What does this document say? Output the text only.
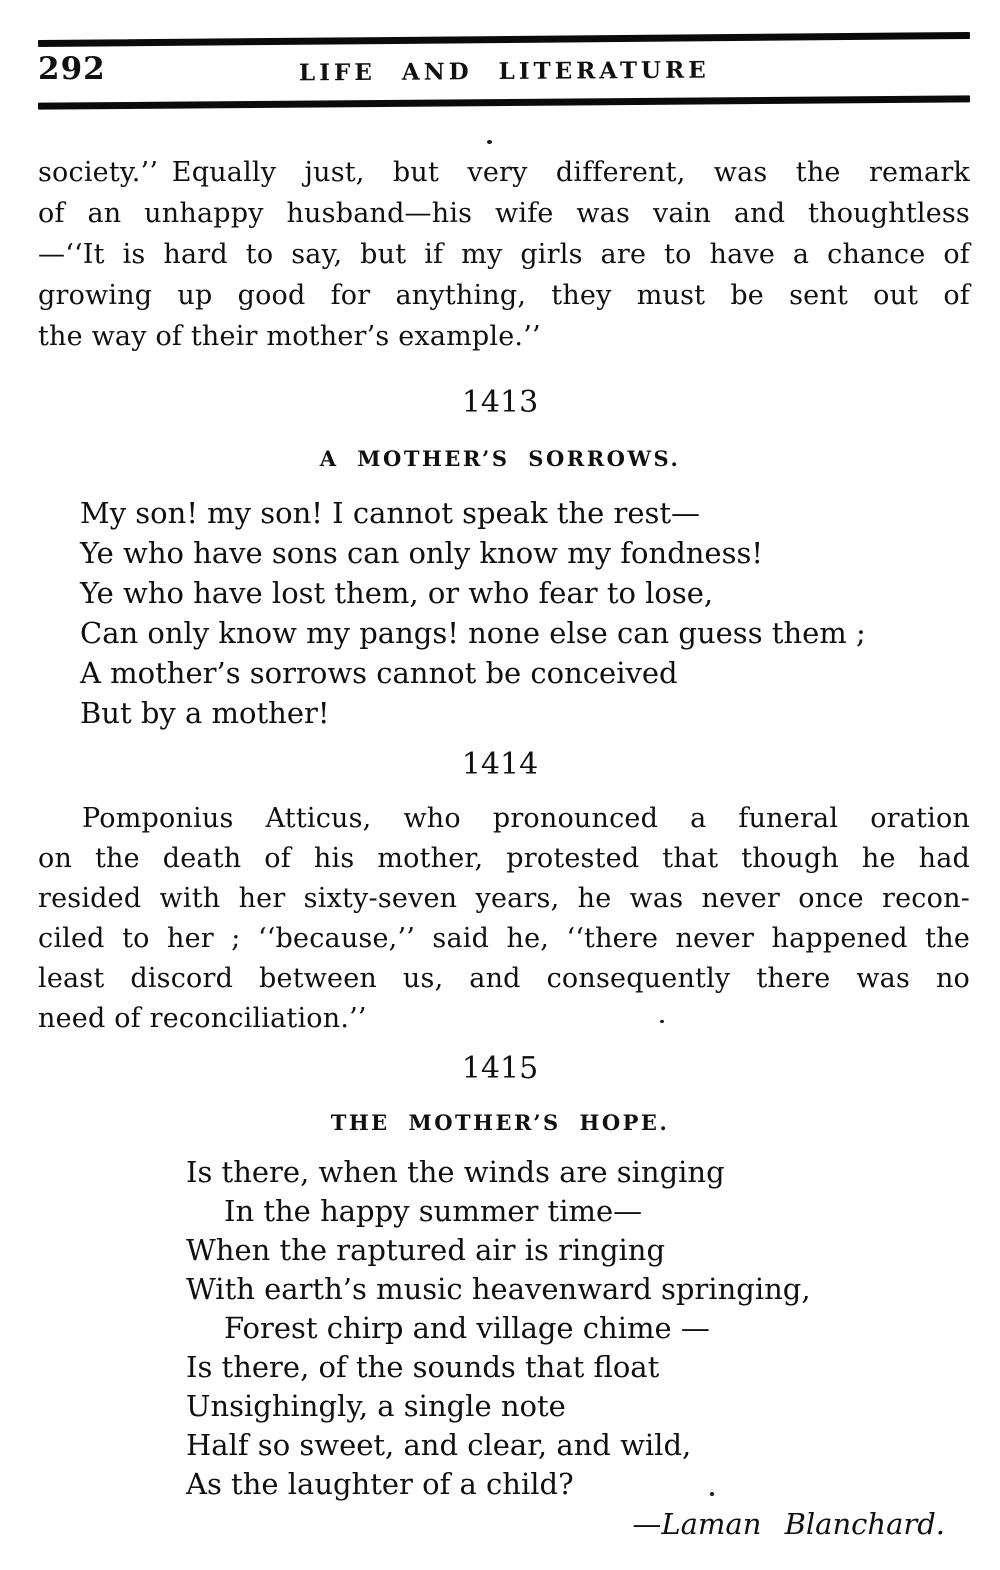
292	LIFE AND LITERATURE
society.’’ Equally just, but very different, was the remark
of an unhappy husband—his wife was vain and thoughtless
—‘‘It is hard to say, but if my girls are to have a chance of
growing up good for anything, they must be sent out of
the way of their mother’s example.’’
1413
A MOTHER’S SORROWS.
My son! my son! I cannot speak the rest—
Ye who have sons can only know my fondness!
Ye who have lost them, or who fear to lose,
Can only know my pangs! none else can guess them ;
A mother’s sorrows cannot be conceived
But by a mother!
1414
Pomponius Atticus, who pronounced a funeral oration
on the death of his mother, protested that though he had
resided with her sixty-seven years, he was never once recon-
ciled to her ; ‘‘because,’’ said he, ‘‘there never happened the
least discord between us, and consequently there was no
need of reconciliation.’’
1415
THE MOTHER’S HOPE.
Is there, when the winds are singing
In the happy summer time—
When the raptured air is ringing
With earth’s music heavenward springing,
Forest chirp and village chime —
Is there, of the sounds that float
Unsighingly, a single note
Half so sweet, and clear, and wild,
As the laughter of a child?
—Laman Blanchard.
